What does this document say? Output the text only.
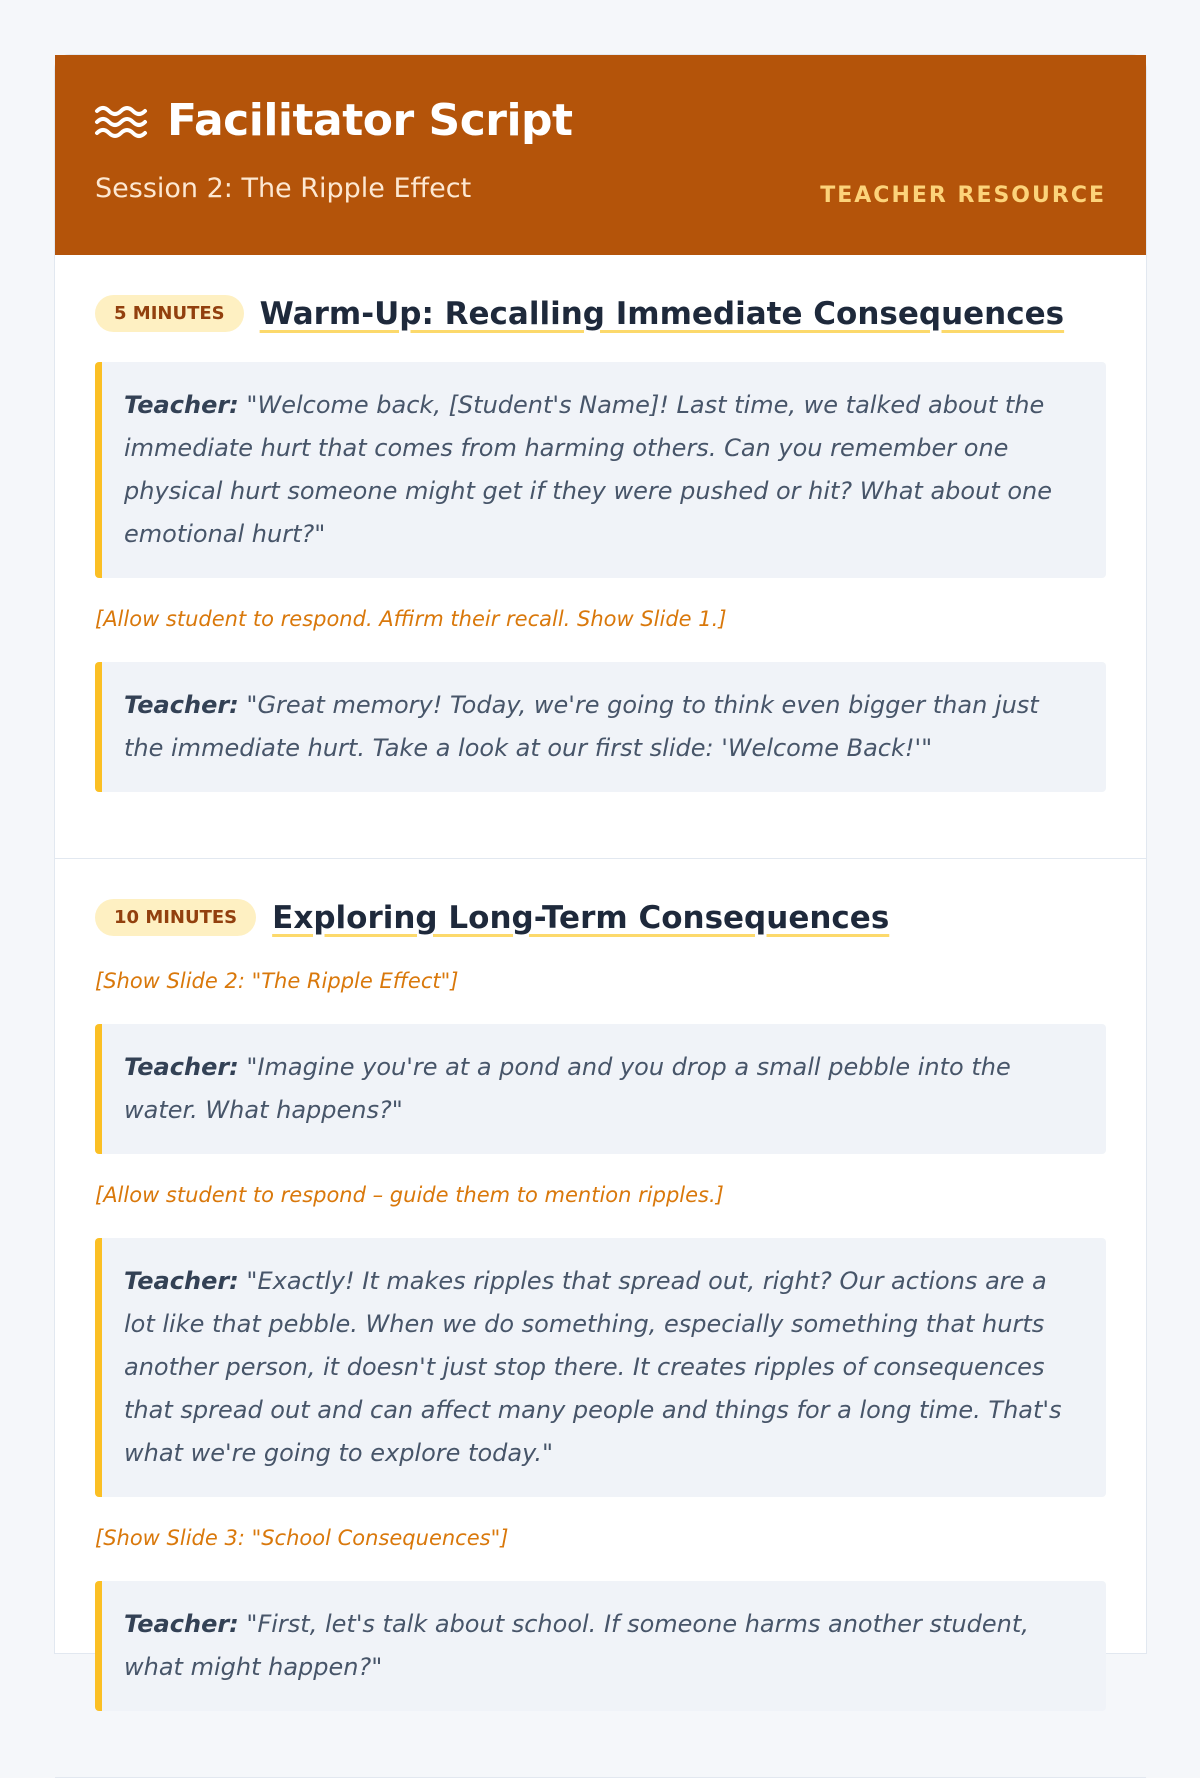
Facilitator Script
Session 2: The Ripple Effect	TEACHER RESOURCE
5 MINUTES	Warm-Up: Recalling Immediate Consequences
Teacher: "Welcome back, [Student's Name]! Last time, we talked about the immediate hurt that comes from harming others. Can you remember one physical hurt someone might get if they were pushed or hit? What about one emotional hurt?"
[Allow student to respond. Affirm their recall. Show Slide 1.]
Teacher: "Great memory! Today, we're going to think even bigger than just the immediate hurt. Take a look at our first slide: 'Welcome Back!'"
10 MINUTES	Exploring Long-Term Consequences
[Show Slide 2: "The Ripple Effect"]
Teacher: "Imagine you're at a pond and you drop a small pebble into the water. What happens?"
[Allow student to respond – guide them to mention ripples.]
Teacher: "Exactly! It makes ripples that spread out, right? Our actions are a lot like that pebble. When we do something, especially something that hurts another person, it doesn't just stop there. It creates ripples of consequences that spread out and can affect many people and things for a long time. That's what we're going to explore today."
[Show Slide 3: "School Consequences"]
Teacher: "First, let's talk about school. If someone harms another student, what might happen?"
